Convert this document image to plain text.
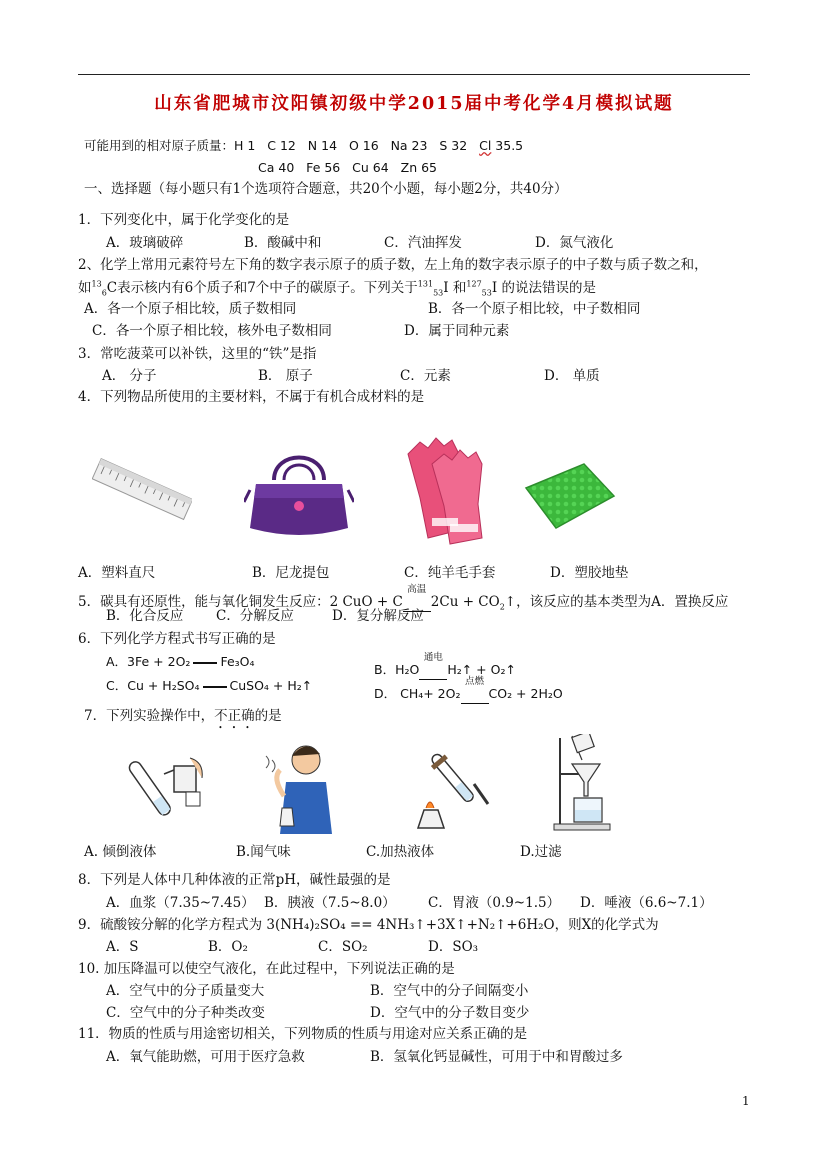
山东省肥城市汶阳镇初级中学2015届中考化学4月模拟试题
可能用到的相对原子质量：H 1   C 12   N 14   O 16   Na 23   S 32   Cl 35.5
Ca 40   Fe 56   Cu 64   Zn 65
一、选择题（每小题只有1个选项符合题意，共20个小题，每小题2分，共40分）
1．下列变化中，属于化学变化的是
A．玻璃破碎	B．酸碱中和	C．汽油挥发	D．氮气液化
2、化学上常用元素符号左下角的数字表示原子的质子数，左上角的数字表示原子的中子数与质子数之和，
如$^{13}_6$C表示核内有6个质子和7个中子的碳原子。下列关于$^{131}_{53}$I 和$^{127}_{53}$I 的说法错误的是
A．各一个原子相比较，质子数相同	B．各一个原子相比较，中子数相同
C．各一个原子相比较，核外电子数相同	D．属于同种元素
3．常吃菠菜可以补铁，这里的“铁”是指
A． 分子	B． 原子	C．元素	D． 单质
4．下列物品所使用的主要材料，不属于有机合成材料的是
A．塑料直尺	B．尼龙提包	C．纯羊毛手套	D．塑胶地垫
5．碳具有还原性，能与氧化铜发生反应：2 CuO + C
高温
$2Cu + CO_2↑$，该反应的基本类型为A．置换反应
B．化合反应 C．分解反应	D．复分解反应
6．下列化学方程式书写正确的是
A．3Fe + 2O₂ Fe₃O₄
B．H₂O
通电
H₂↑ + O₂↑
C．Cu + H₂SO₄ CuSO₄ + H₂↑
D． CH₄+ 2O₂
点燃
CO₂ + 2H₂O
7．下列实验操作中，不正确的是
A. 倾倒液体	B.闻气味	C.加热液体	D.过滤
8．下列是人体中几种体液的正常pH，碱性最强的是
A．血浆（7.35~7.45） B．胰液（7.5~8.0） C．胃液（0.9~1.5） D．唾液（6.6~7.1）
9．硫酸铵分解的化学方程式为 3(NH₄)₂SO₄ == 4NH₃↑+3X↑+N₂↑+6H₂O，则X的化学式为
A．S	B．O₂	C．SO₂	D．SO₃
10. 加压降温可以使空气液化，在此过程中，下列说法正确的是
A．空气中的分子质量变大	B．空气中的分子间隔变小
C．空气中的分子种类改变	D．空气中的分子数目变少
11．物质的性质与用途密切相关，下列物质的性质与用途对应关系正确的是
A．氧气能助燃，可用于医疗急救	B．氢氧化钙显碱性，可用于中和胃酸过多
1
